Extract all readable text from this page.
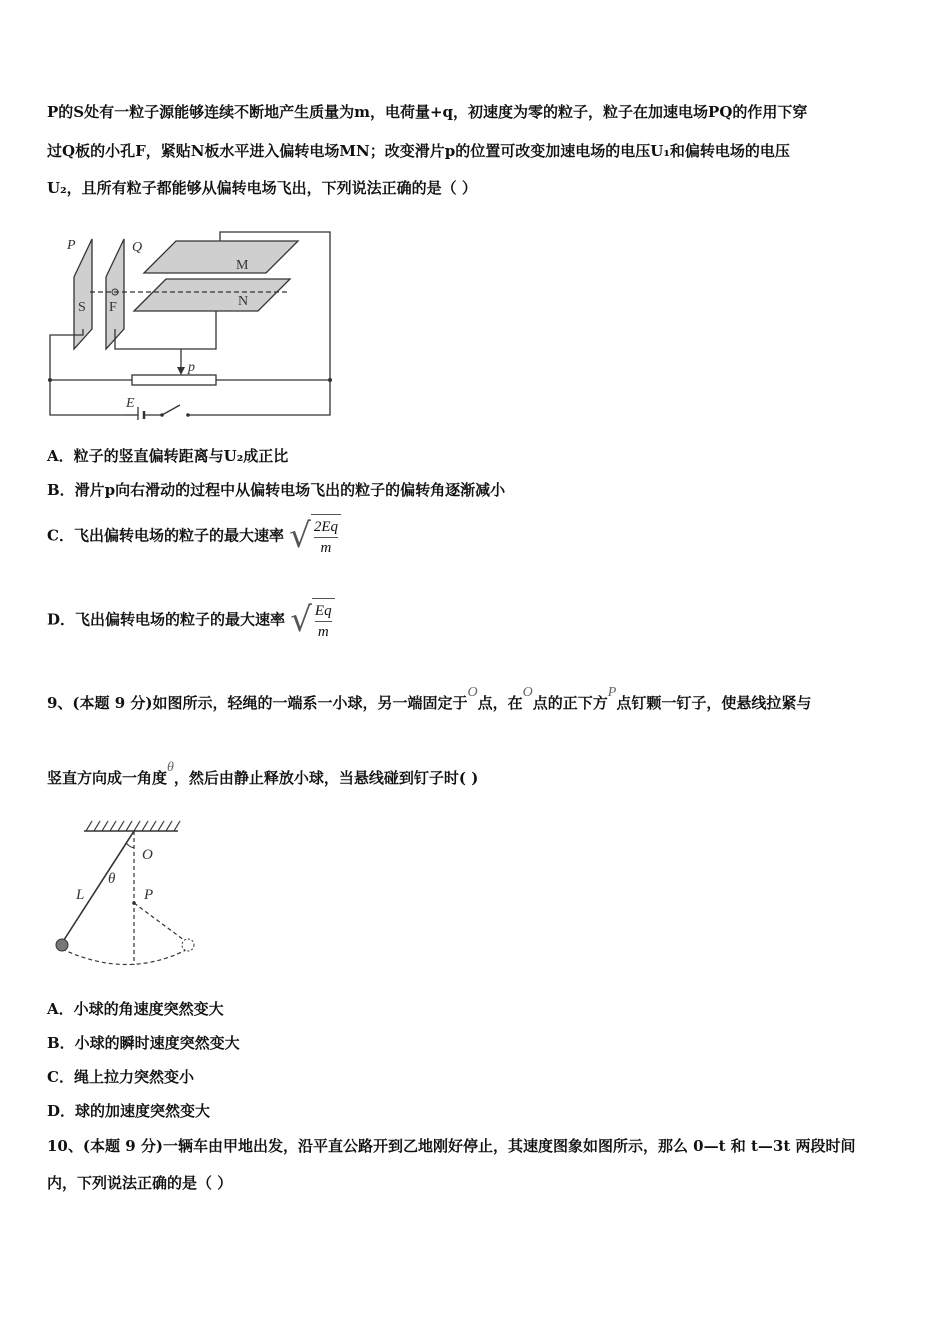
P的S处有一粒子源能够连续不断地产生质量为m，电荷量+q，初速度为零的粒子，粒子在加速电场PQ的作用下穿
过Q板的小孔F，紧贴N板水平进入偏转电场MN；改变滑片p的位置可改变加速电场的电压U₁和偏转电场的电压
U₂，且所有粒子都能够从偏转电场飞出，下列说法正确的是（ ）
P	Q
S F
M
N
p
E
A．粒子的竖直偏转距离与U₂成正比
B．滑片p向右滑动的过程中从偏转电场飞出的粒子的偏转角逐渐减小
C．飞出偏转电场的粒子的最大速率 √ $\frac{2Eq}{m}$
D．飞出偏转电场的粒子的最大速率 √ $\frac{Eq}{m}$
9、(本题 9 分)如图所示，轻绳的一端系一小球，另一端固定于O点，在O点的正下方P点钉颗一钉子，使悬线拉紧与
竖直方向成一角度θ，然后由静止释放小球，当悬线碰到钉子时( )
O
L
θ
P
A．小球的角速度突然变大
B．小球的瞬时速度突然变大
C．绳上拉力突然变小
D．球的加速度突然变大
10、(本题 9 分)一辆车由甲地出发，沿平直公路开到乙地刚好停止，其速度图象如图所示，那么 0—t 和 t—3t 两段时间
内，下列说法正确的是（ ）
